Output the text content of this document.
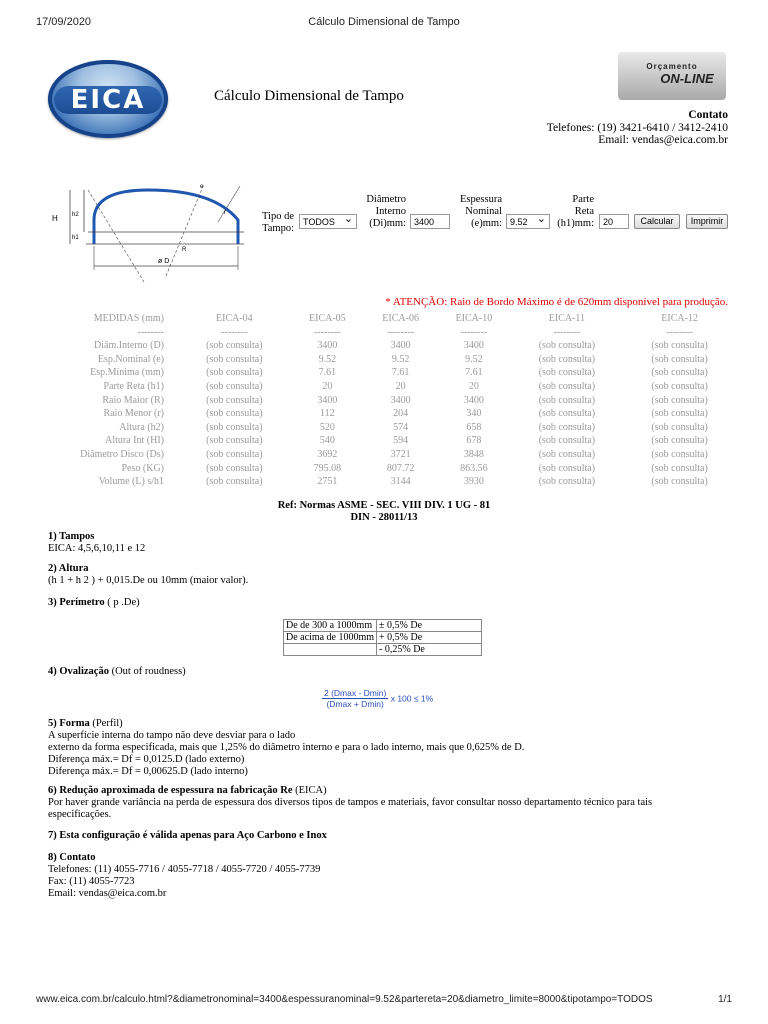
17/09/2020	Cálculo Dimensional de Tampo
EICA	Cálculo Dimensional de Tampo
Orçamento
ON-LINE
Contato
Telefones: (19) 3421-6410 / 3412-2410
Email: vendas@eica.com.br
H h2
h1
r
R
ø D
e
Tipo de Tampo:
TODOS ⌄
Diâmetro Interno (Di)mm: 3400
Espessura Nominal (e)mm: 9.52 ⌄
Parte Reta (h1)mm:	20	Calcular	Imprimir
* ATENÇÃO: Raio de Bordo Máximo é de 620mm disponível para produção.
MEDIDAS (mm)	EICA-04	EICA-05	EICA-06	EICA-10	EICA-11	EICA-12
--------	--------	--------	--------	--------	--------	--------
Diâm.Interno (D)	(sob consulta)	3400	3400	3400	(sob consulta)	(sob consulta)
Esp.Nominal (e)	(sob consulta)	9.52	9.52	9.52	(sob consulta)	(sob consulta)
Esp.Mínima (mm)	(sob consulta)	7.61	7.61	7.61	(sob consulta)	(sob consulta)
Parte Reta (h1)	(sob consulta)	20	20	20	(sob consulta)	(sob consulta)
Raio Maior (R)	(sob consulta)	3400	3400	3400	(sob consulta)	(sob consulta)
Raio Menor (r)	(sob consulta)	112	204	340	(sob consulta)	(sob consulta)
Altura (h2)	(sob consulta)	520	574	658	(sob consulta)	(sob consulta)
Altura Int (HI)	(sob consulta)	540	594	678	(sob consulta)	(sob consulta)
Diâmetro Disco (Ds)	(sob consulta)	3692	3721	3848	(sob consulta)	(sob consulta)
Peso (KG)	(sob consulta)	795.08	807.72	863.56	(sob consulta)	(sob consulta)
Volume (L) s/h1	(sob consulta)	2751	3144	3930	(sob consulta)	(sob consulta)
Ref: Normas ASME - SEC. VIII DIV. 1 UG - 81
DIN - 28011/13
1) Tampos
EICA: 4,5,6,10,11 e 12
2) Altura
(h 1 + h 2 ) + 0,015.De ou 10mm (maior valor).
3) Perímetro ( p .De)
De de 300 a 1000mm	± 0,5% De
De acima de 1000mm	+ 0,5% De
	- 0,25% De
4) Ovalização (Out of roudness)
2 (Dmax - Dmin)
(Dmax + Dmin)
x 100 ≤ 1%
5) Forma (Perfil)
A superfície interna do tampo não deve desviar para o lado
externo da forma especificada, mais que 1,25% do diâmetro interno e para o lado interno, mais que 0,625% de D.
Diferença máx.= Df = 0,0125.D (lado externo)
Diferença máx.= Df = 0,00625.D (lado interno)
6) Redução aproximada de espessura na fabricação Re (EICA)
Por haver grande variância na perda de espessura dos diversos tipos de tampos e materiais, favor consultar nosso departamento técnico para tais
especificações.
7) Esta configuração é válida apenas para Aço Carbono e Inox
8) Contato
Telefones: (11) 4055-7716 / 4055-7718 / 4055-7720 / 4055-7739
Fax: (11) 4055-7723
Email: vendas@eica.com.br
www.eica.com.br/calculo.html?&diametronominal=3400&espessuranominal=9.52&partereta=20&diametro_limite=8000&tipotampo=TODOS	1/1
